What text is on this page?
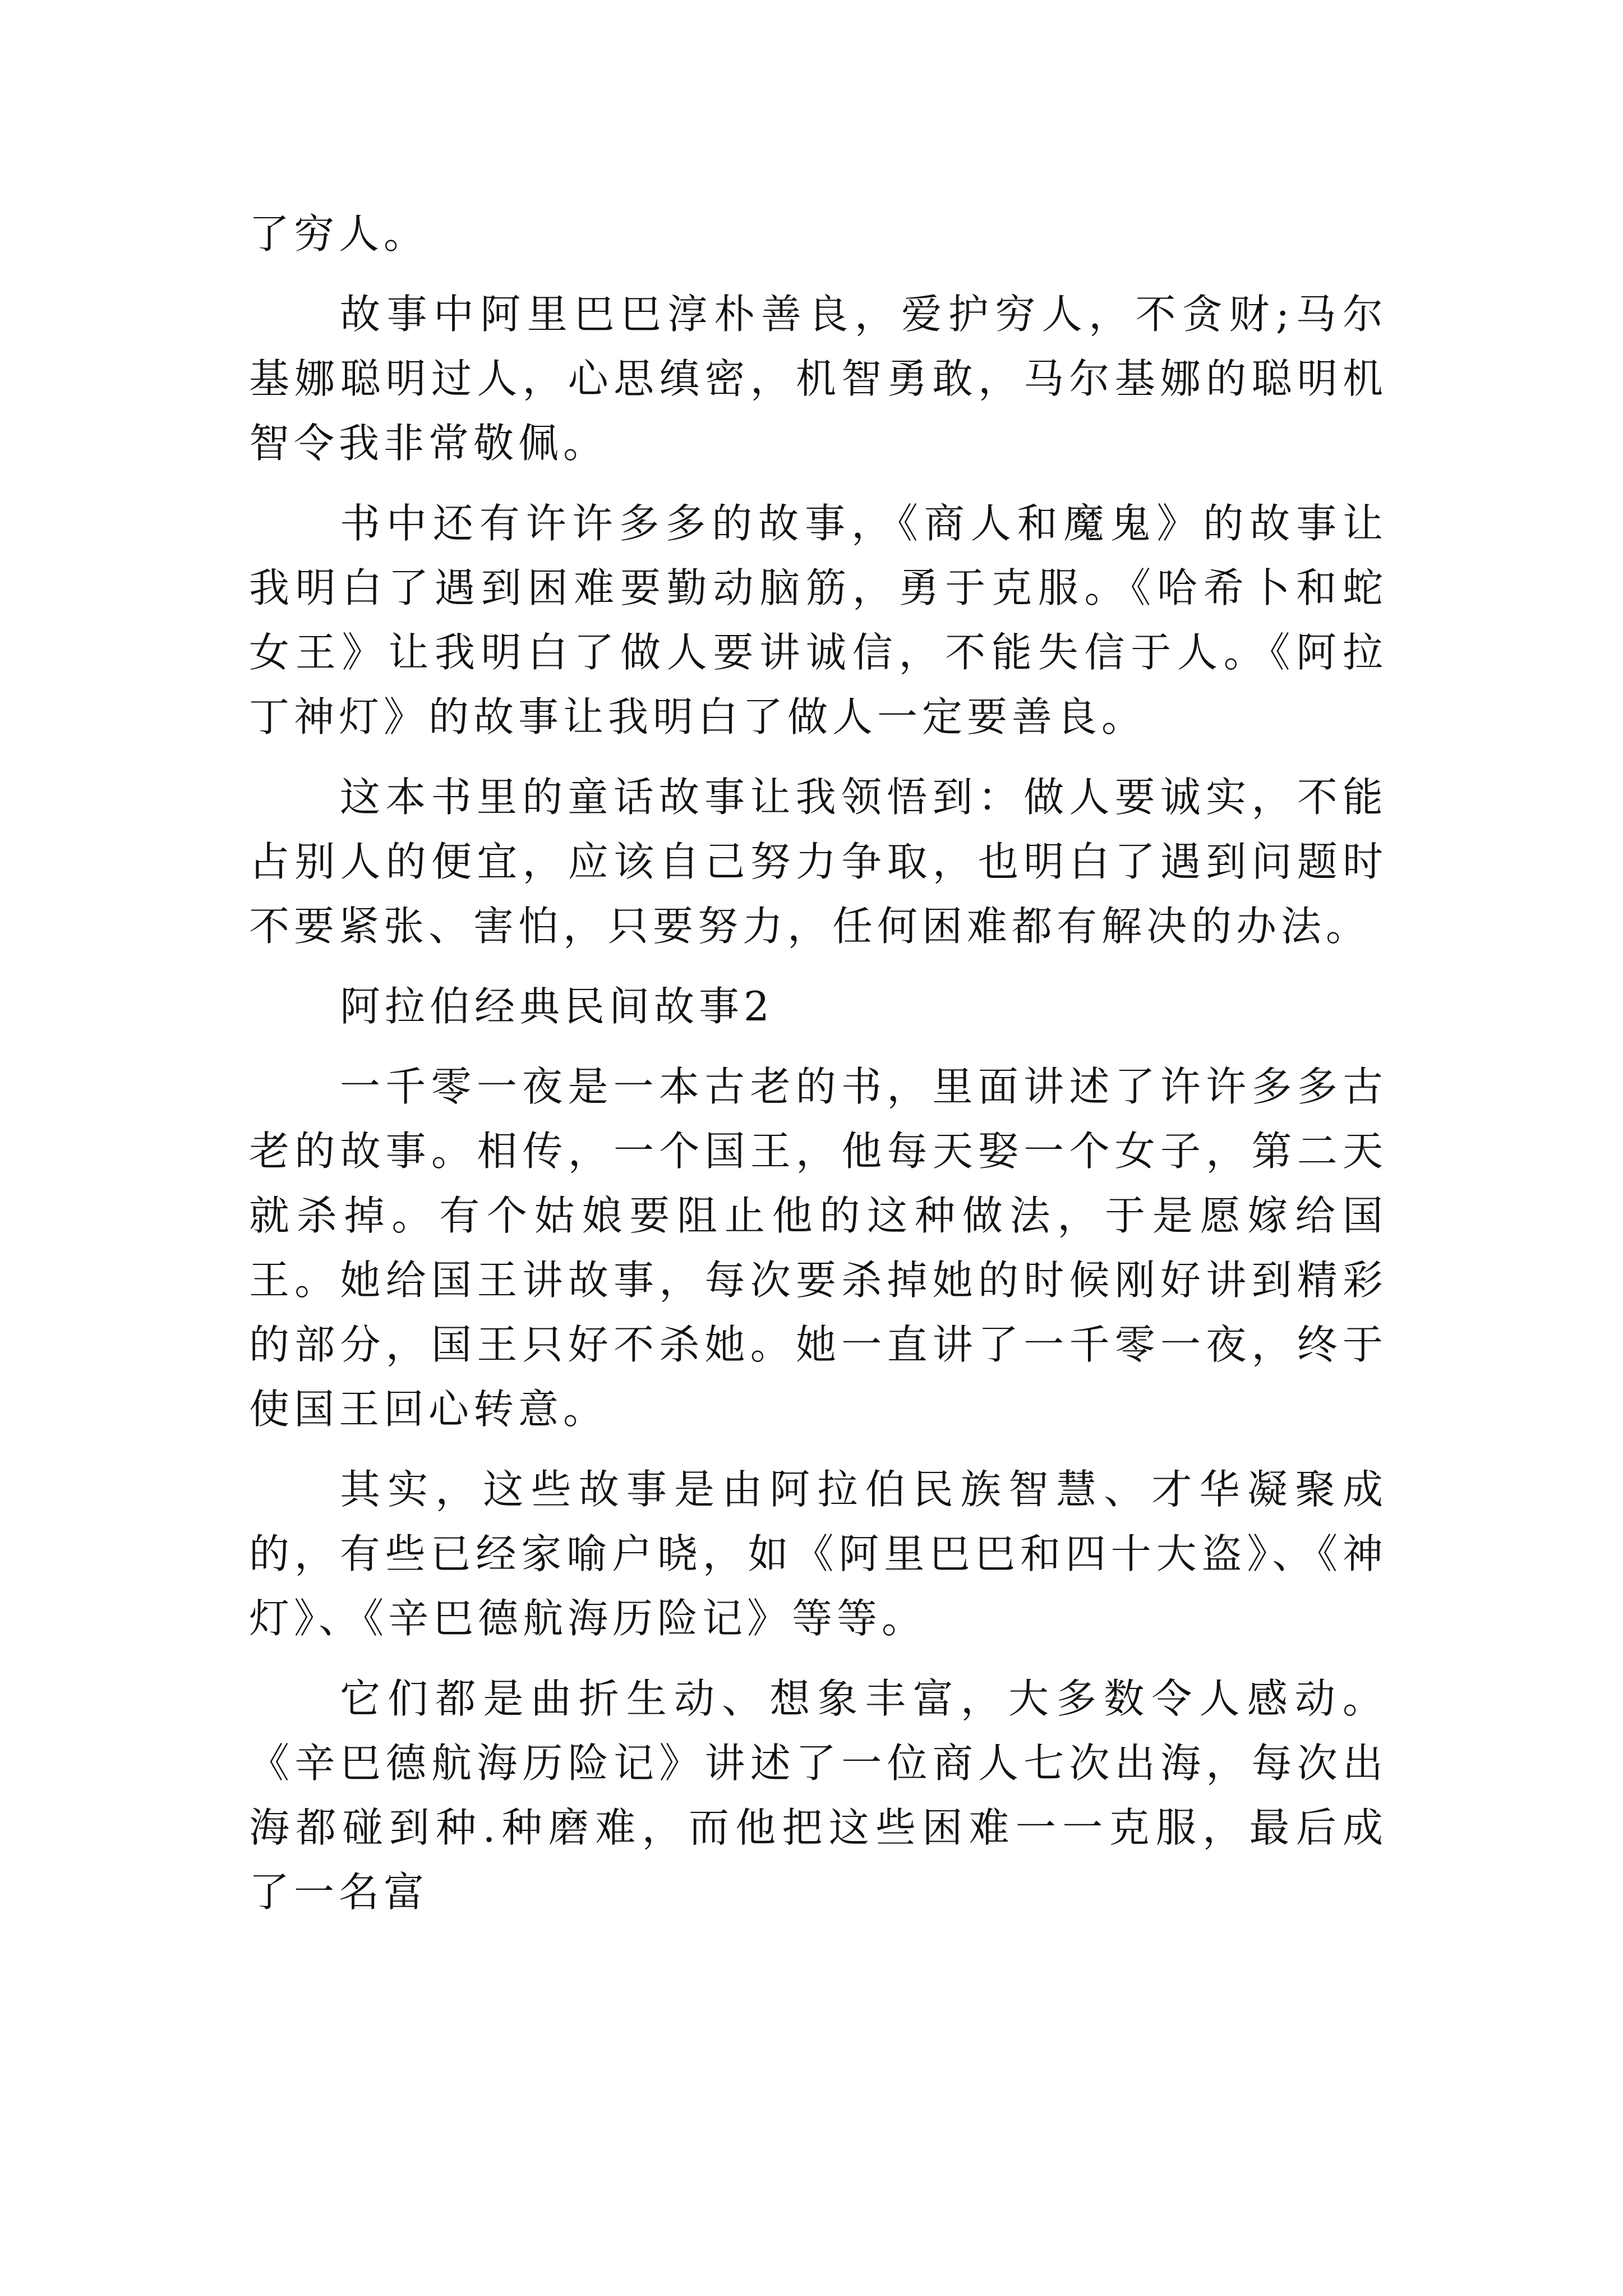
了穷人。

故事中阿里巴巴淳朴善良，爱护穷人，不贪财;马尔基娜聪明过人，心思缜密，机智勇敢，马尔基娜的聪明机智令我非常敬佩。

书中还有许许多多的故事，《商人和魔鬼》的故事让我明白了遇到困难要勤动脑筋，勇于克服。《哈希卜和蛇女王》让我明白了做人要讲诚信，不能失信于人。《阿拉丁神灯》的故事让我明白了做人一定要善良。

这本书里的童话故事让我领悟到：做人要诚实，不能占别人的便宜，应该自己努力争取，也明白了遇到问题时不要紧张、害怕，只要努力，任何困难都有解决的办法。

阿拉伯经典民间故事2

一千零一夜是一本古老的书，里面讲述了许许多多古老的故事。相传，一个国王，他每天娶一个女子，第二天就杀掉。有个姑娘要阻止他的这种做法，于是愿嫁给国王。她给国王讲故事，每次要杀掉她的时候刚好讲到精彩的部分，国王只好不杀她。她一直讲了一千零一夜，终于使国王回心转意。

其实，这些故事是由阿拉伯民族智慧、才华凝聚成的，有些已经家喻户晓，如《阿里巴巴和四十大盗》、《神灯》、《辛巴德航海历险记》等等。

它们都是曲折生动、想象丰富，大多数令人感动。《辛巴德航海历险记》讲述了一位商人七次出海，每次出海都碰到种.种磨难，而他把这些困难一一克服，最后成了一名富
